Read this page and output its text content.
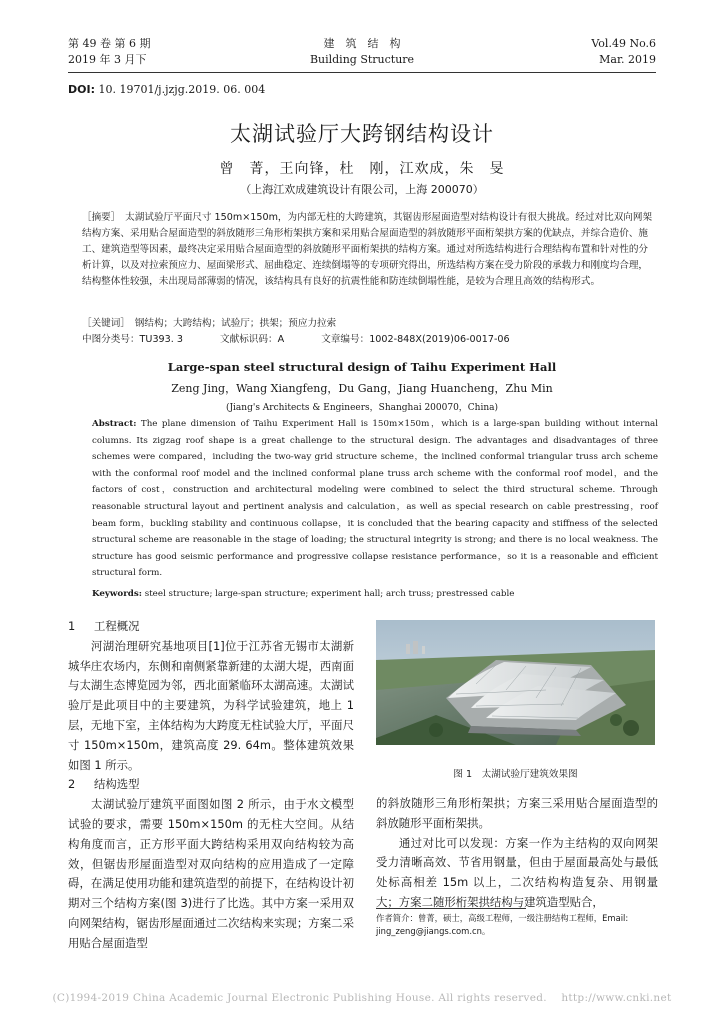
第 49 卷 第 6 期
2019 年 3 月下
建　筑　结　构
Building Structure
Vol.49 No.6
Mar. 2019
DOI: 10. 19701/j.jzjg.2019. 06. 004
太湖试验厅大跨钢结构设计
曾　菁，王向锋，杜　刚，江欢成，朱　旻
（上海江欢成建筑设计有限公司，上海 200070）
［摘要］　太湖试验厅平面尺寸 150m×150m，为内部无柱的大跨建筑，其锯齿形屋面造型对结构设计有很大挑战。经过对比双向网架结构方案、采用贴合屋面造型的斜放随形三角形桁架拱方案和采用贴合屋面造型的斜放随形平面桁架拱方案的优缺点，并综合造价、施工、建筑造型等因素，最终决定采用贴合屋面造型的斜放随形平面桁架拱的结构方案。通过对所选结构进行合理结构布置和针对性的分析计算，以及对拉索预应力、屋面梁形式、屈曲稳定、连续倒塌等的专项研究得出，所选结构方案在受力阶段的承载力和刚度均合理，结构整体性较强，未出现局部薄弱的情况，该结构具有良好的抗震性能和防连续倒塌性能，是较为合理且高效的结构形式。
［关键词］　钢结构；大跨结构；试验厅；拱架；预应力拉索
中图分类号：TU393. 3	文献标识码：A	文章编号：1002-848X(2019)06-0017-06
Large-span steel structural design of Taihu Experiment Hall
Zeng Jing，Wang Xiangfeng，Du Gang，Jiang Huancheng，Zhu Min
(Jiang's Architects & Engineers，Shanghai 200070，China)
Abstract: The plane dimension of Taihu Experiment Hall is 150m×150m，which is a large-span building without internal columns. Its zigzag roof shape is a great challenge to the structural design. The advantages and disadvantages of three schemes were compared，including the two-way grid structure scheme，the inclined conformal triangular truss arch scheme with the conformal roof model and the inclined conformal plane truss arch scheme with the conformal roof model，and the factors of cost，construction and architectural modeling were combined to select the third structural scheme. Through reasonable structural layout and pertinent analysis and calculation，as well as special research on cable prestressing，roof beam form，buckling stability and continuous collapse，it is concluded that the bearing capacity and stiffness of the selected structural scheme are reasonable in the stage of loading; the structural integrity is strong; and there is no local weakness. The structure has good seismic performance and progressive collapse resistance performance，so it is a reasonable and efficient structural form.
Keywords: steel structure; large-span structure; experiment hall; arch truss; prestressed cable
1 工程概况

河湖治理研究基地项目[1]位于江苏省无锡市太湖新城华庄农场内，东侧和南侧紧靠新建的太湖大堤，西南面与太湖生态博览园为邻，西北面紧临环太湖高速。太湖试验厅是此项目中的主要建筑，为科学试验建筑，地上 1 层，无地下室，主体结构为大跨度无柱试验大厅，平面尺寸 150m×150m，建筑高度 29. 64m。整体建筑效果如图 1 所示。

2 结构选型

太湖试验厅建筑平面图如图 2 所示，由于水文模型试验的要求，需要 150m×150m 的无柱大空间。从结构角度而言，正方形平面大跨结构采用双向结构较为高效，但锯齿形屋面造型对双向结构的应用造成了一定障碍，在满足使用功能和建筑造型的前提下，在结构设计初期对三个结构方案(图 3)进行了比选。其中方案一采用双向网架结构，锯齿形屋面通过二次结构来实现；方案二采用贴合屋面造型

图 1　太湖试验厅建筑效果图

的斜放随形三角形桁架拱；方案三采用贴合屋面造型的斜放随形平面桁架拱。

通过对比可以发现：方案一作为主结构的双向网架受力清晰高效、节省用钢量，但由于屋面最高处与最低处标高相差 15m 以上，二次结构构造复杂、用钢量大；方案二随形桁架拱结构与建筑造型贴合，

作者简介：曾菁，硕士，高级工程师，一级注册结构工程师，Email: jing_zeng@jiangs.com.cn。
(C)1994-2019 China Academic Journal Electronic Publishing House. All rights reserved.　 http://www.cnki.net
